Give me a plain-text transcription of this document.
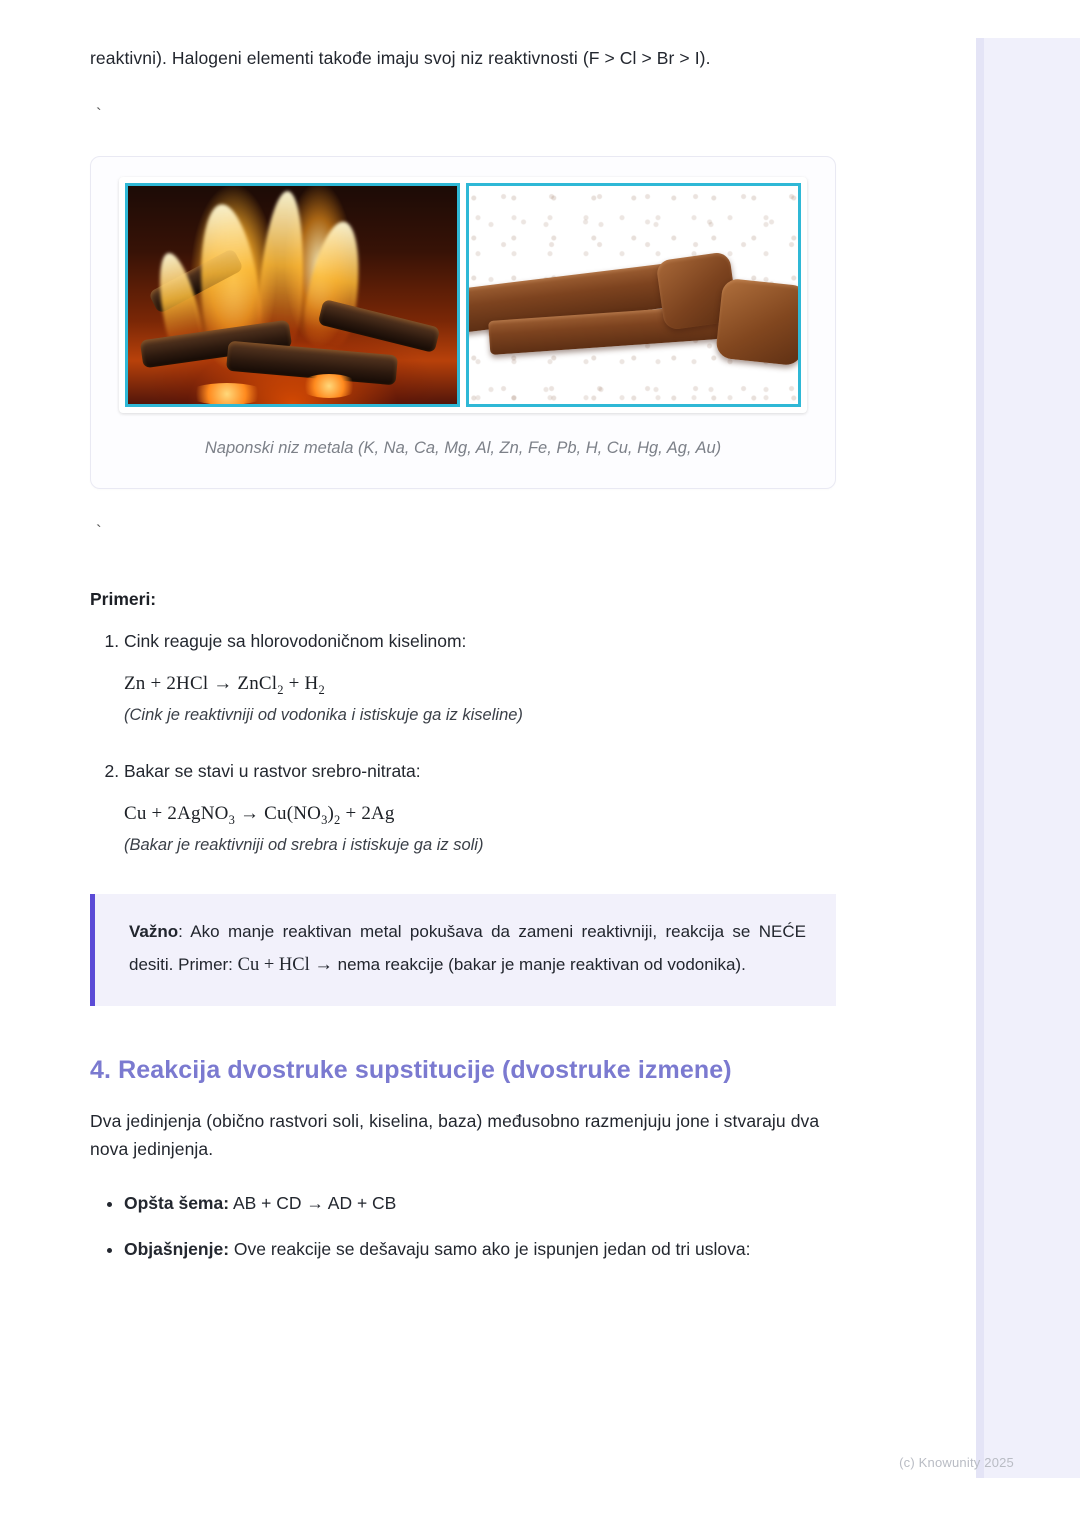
reaktivni). Halogeni elementi takođe imaju svoj niz reaktivnosti (F > Cl > Br > I).

`
Naponski niz metala (K, Na, Ca, Mg, Al, Zn, Fe, Pb, H, Cu, Hg, Ag, Au)
`
Primeri:
1. Cink reaguje sa hlorovodoničnom kiselinom:
Zn + 2HCl → ZnCl$_2$ + $H_2$
(Cink je reaktivniji od vodonika i istiskuje ga iz kiseline)
2. Bakar se stavi u rastvor srebro-nitrata:
Cu + 2AgNO$_3$ → $Cu(NO_3)_2 + 2Ag$
(Bakar je reaktivniji od srebra i istiskuje ga iz soli)

Važno: Ako manje reaktivan metal pokušava da zameni reaktivniji, reakcija se NEĆE desiti. Primer: Cu + HCl → nema reakcije (bakar je manje reaktivan od vodonika).

4. Reakcija dvostruke supstitucije (dvostruke izmene)

Dva jedinjenja (obično rastvori soli, kiselina, baza) međusobno razmenjuju jone i stvaraju dva nova jedinjenja.

• Opšta šema: AB + CD → AD + CB
• Objašnjenje: Ove reakcije se dešavaju samo ako je ispunjen jedan od tri uslova:
(c) Knowunity 2025
